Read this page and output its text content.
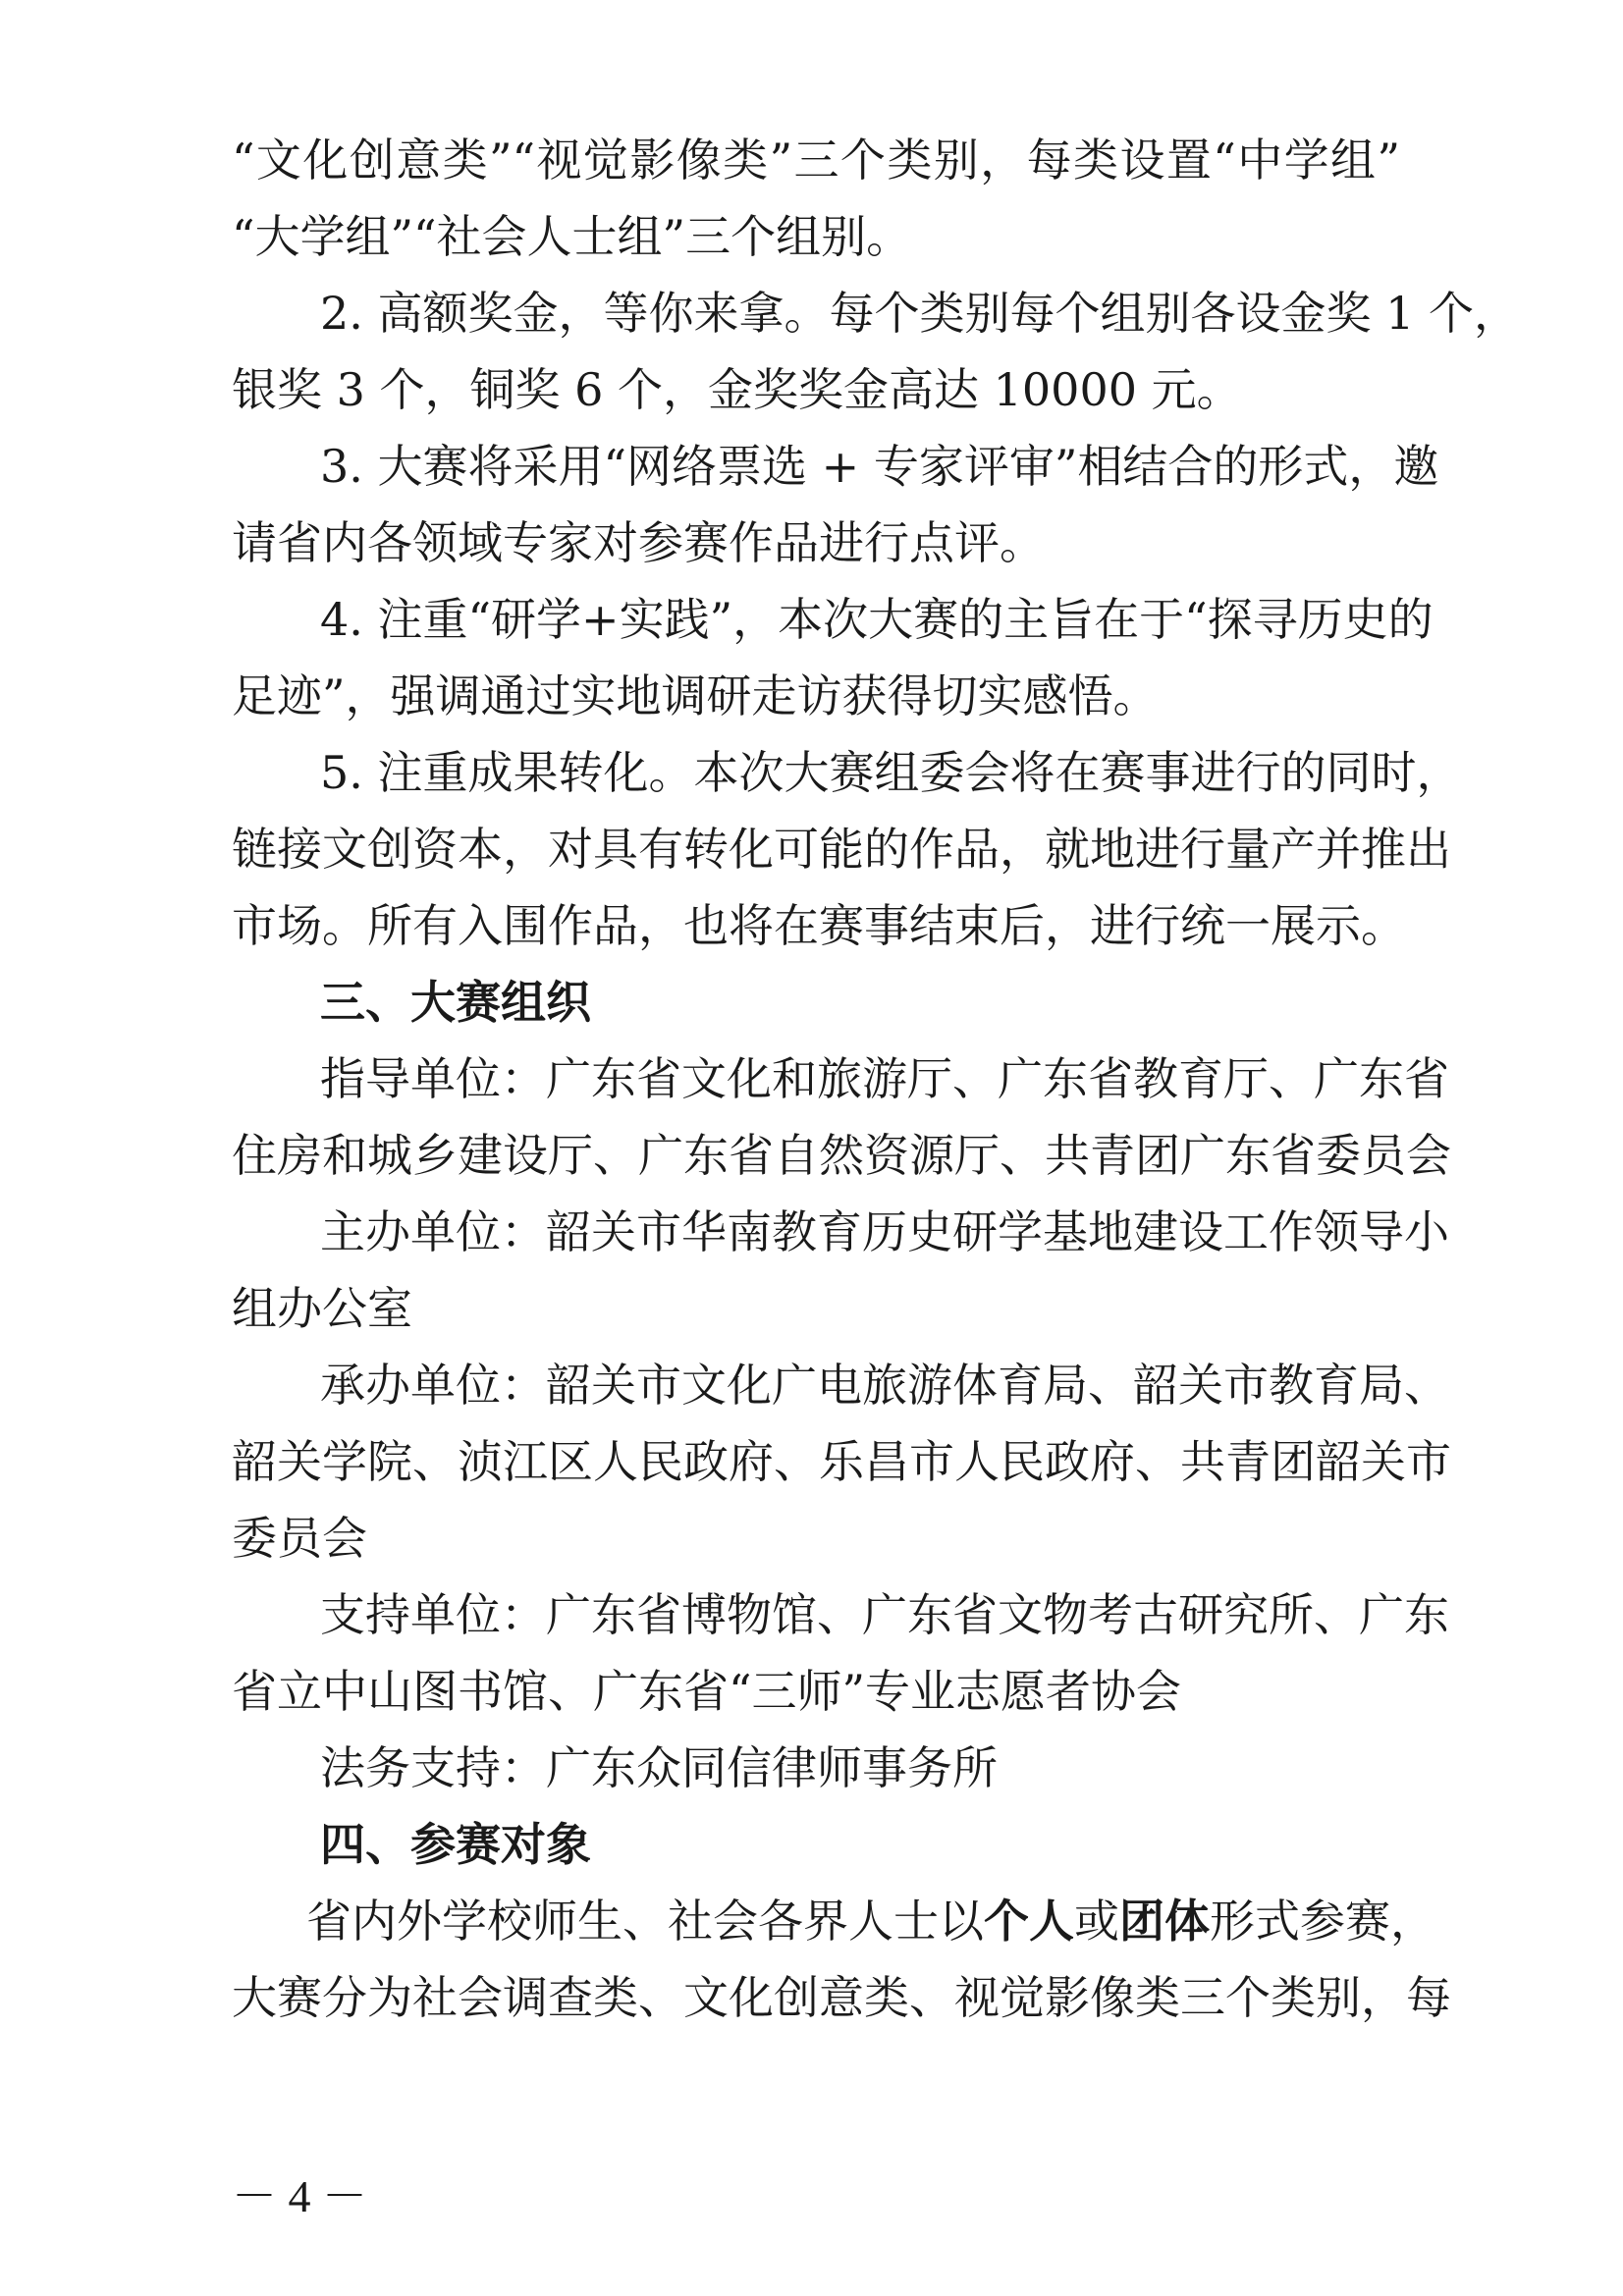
“文化创意类”“视觉影像类”三个类别，每类设置“中学组”
“大学组”“社会人士组”三个组别。
2. 高额奖金，等你来拿。每个类别每个组别各设金奖 1 个，
银奖 3 个，铜奖 6 个，金奖奖金高达 10000 元。
3. 大赛将采用“网络票选 + 专家评审”相结合的形式，邀
请省内各领域专家对参赛作品进行点评。
4. 注重“研学+实践”，本次大赛的主旨在于“探寻历史的
足迹”，强调通过实地调研走访获得切实感悟。
5. 注重成果转化。本次大赛组委会将在赛事进行的同时，
链接文创资本，对具有转化可能的作品，就地进行量产并推出
市场。所有入围作品，也将在赛事结束后，进行统一展示。
三、大赛组织
指导单位：广东省文化和旅游厅、广东省教育厅、广东省
住房和城乡建设厅、广东省自然资源厅、共青团广东省委员会
主办单位：韶关市华南教育历史研学基地建设工作领导小
组办公室
承办单位：韶关市文化广电旅游体育局、韶关市教育局、
韶关学院、浈江区人民政府、乐昌市人民政府、共青团韶关市
委员会
支持单位：广东省博物馆、广东省文物考古研究所、广东
省立中山图书馆、广东省“三师”专业志愿者协会
法务支持：广东众同信律师事务所
四、参赛对象
省内外学校师生、社会各界人士以个人或团体形式参赛，
大赛分为社会调查类、文化创意类、视觉影像类三个类别，每
－ 4 －
